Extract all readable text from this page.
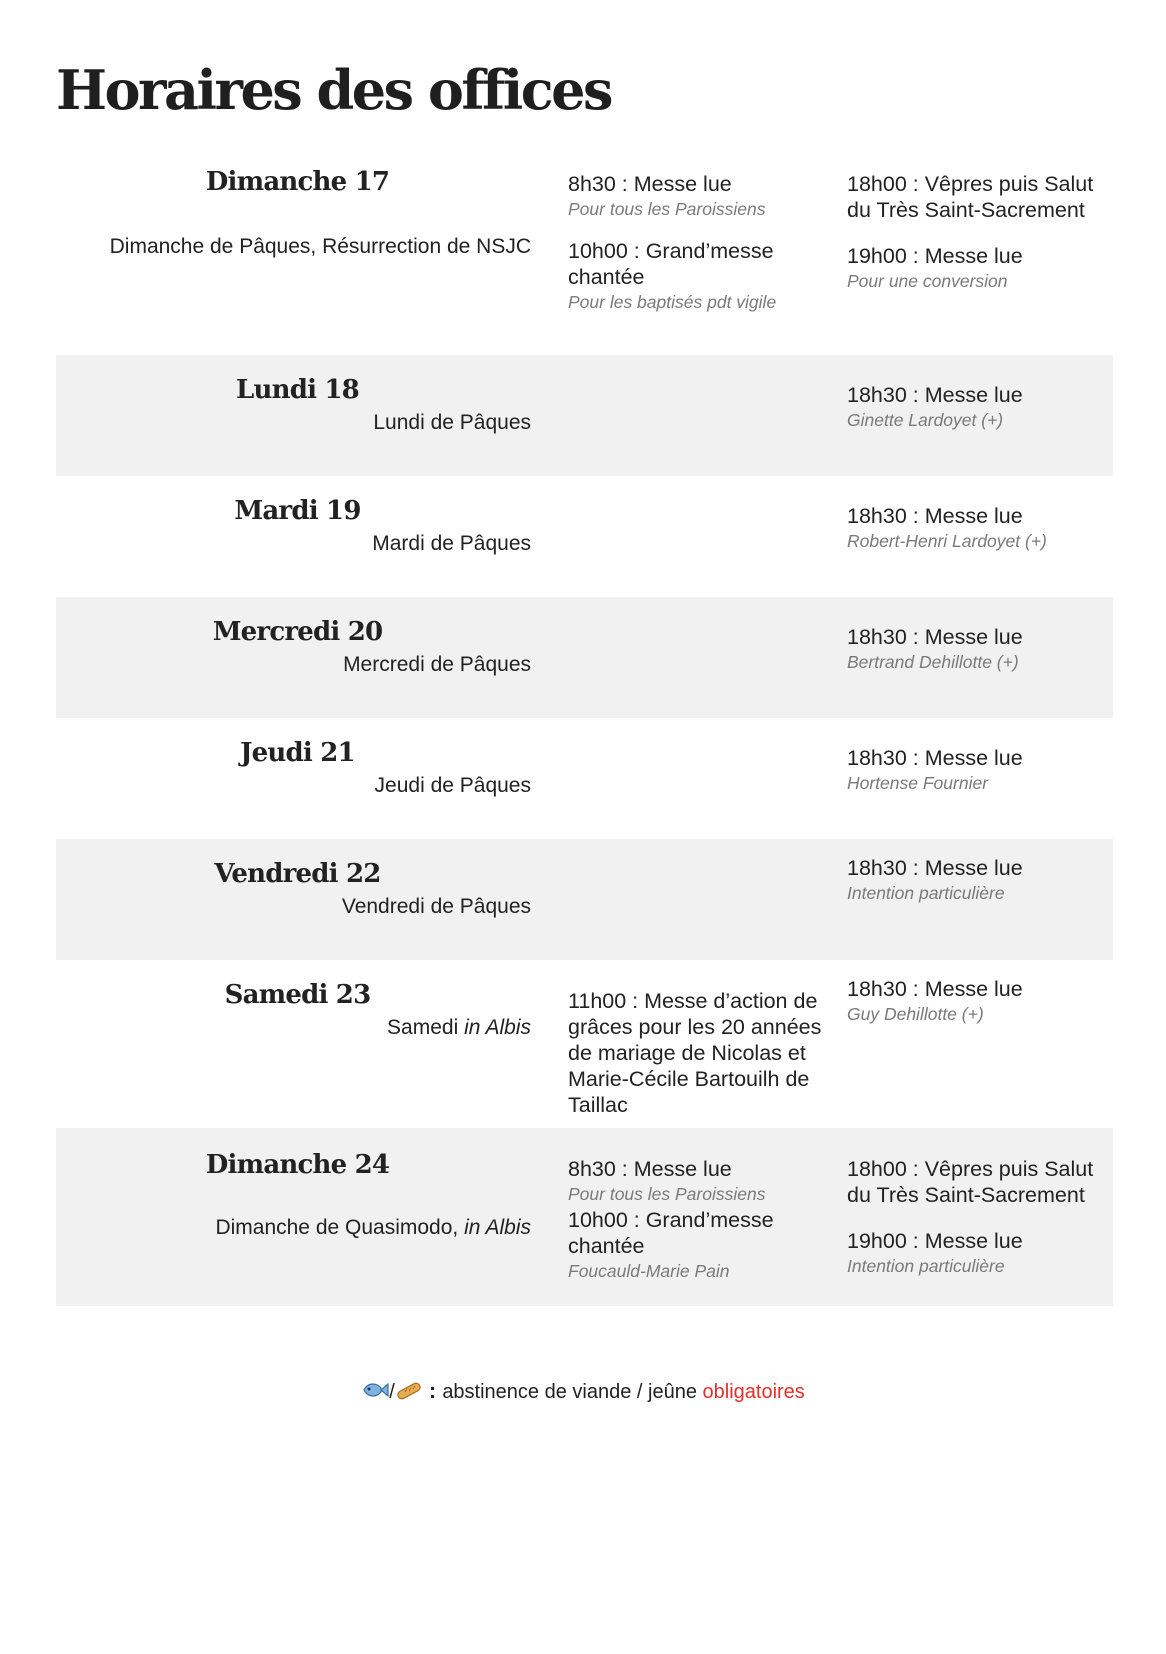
Horaires des offices
Dimanche 17
Dimanche de Pâques, Résurrection de NSJC
8h30 : Messe lue
Pour tous les Paroissiens
10h00 : Grand’messe chantée
Pour les baptisés pdt vigile
18h00 : Vêpres puis Salut du Très Saint-Sacrement
19h00 : Messe lue
Pour une conversion
Lundi 18
Lundi de Pâques
18h30 : Messe lue
Ginette Lardoyet (+)
Mardi 19
Mardi de Pâques
18h30 : Messe lue
Robert-Henri Lardoyet (+)
Mercredi 20
Mercredi de Pâques
18h30 : Messe lue
Bertrand Dehillotte (+)
Jeudi 21
Jeudi de Pâques
18h30 : Messe lue
Hortense Fournier
Vendredi 22
Vendredi de Pâques
18h30 : Messe lue
Intention particulière
Samedi 23
Samedi in Albis
11h00 : Messe d’action de grâces pour les 20 années de mariage de Nicolas et Marie-Cécile Bartouilh de Taillac
18h30 : Messe lue
Guy Dehillotte (+)
Dimanche 24
Dimanche de Quasimodo, in Albis
8h30 : Messe lue
Pour tous les Paroissiens
10h00 : Grand’messe chantée
Foucauld-Marie Pain
18h00 : Vêpres puis Salut du Très Saint-Sacrement
19h00 : Messe lue
Intention particulière
/ : abstinence de viande / jeûne obligatoires
